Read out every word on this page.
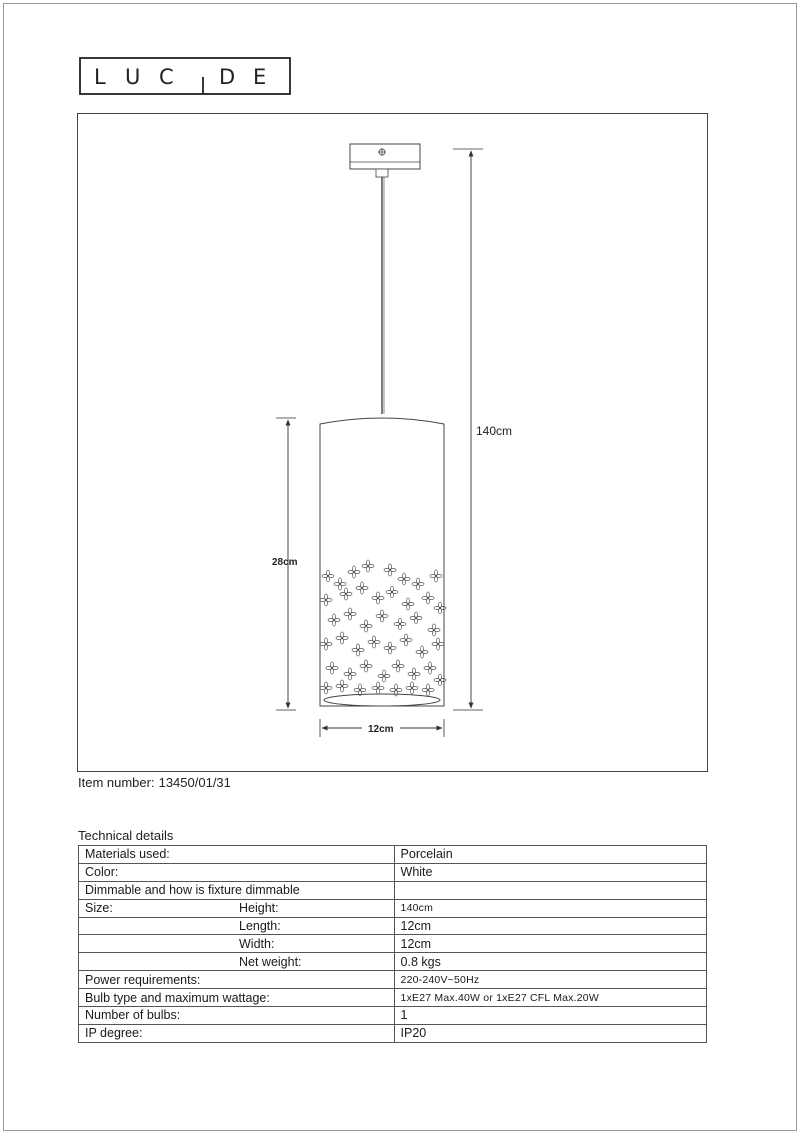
L U C D E
140cm
28cm
12cm
Item number: 13450/01/31
Technical details
Materials used:	Porcelain
Color:	White
Dimmable and how is fixture dimmable	
Size: Height:	140cm

Length:	12cm

Width:	12cm

Net weight:	0.8 kgs
Power requirements:	220-240V~50Hz
Bulb type and maximum wattage:	1xE27 Max.40W or 1xE27 CFL Max.20W
Number of bulbs:	1
IP degree:	IP20
